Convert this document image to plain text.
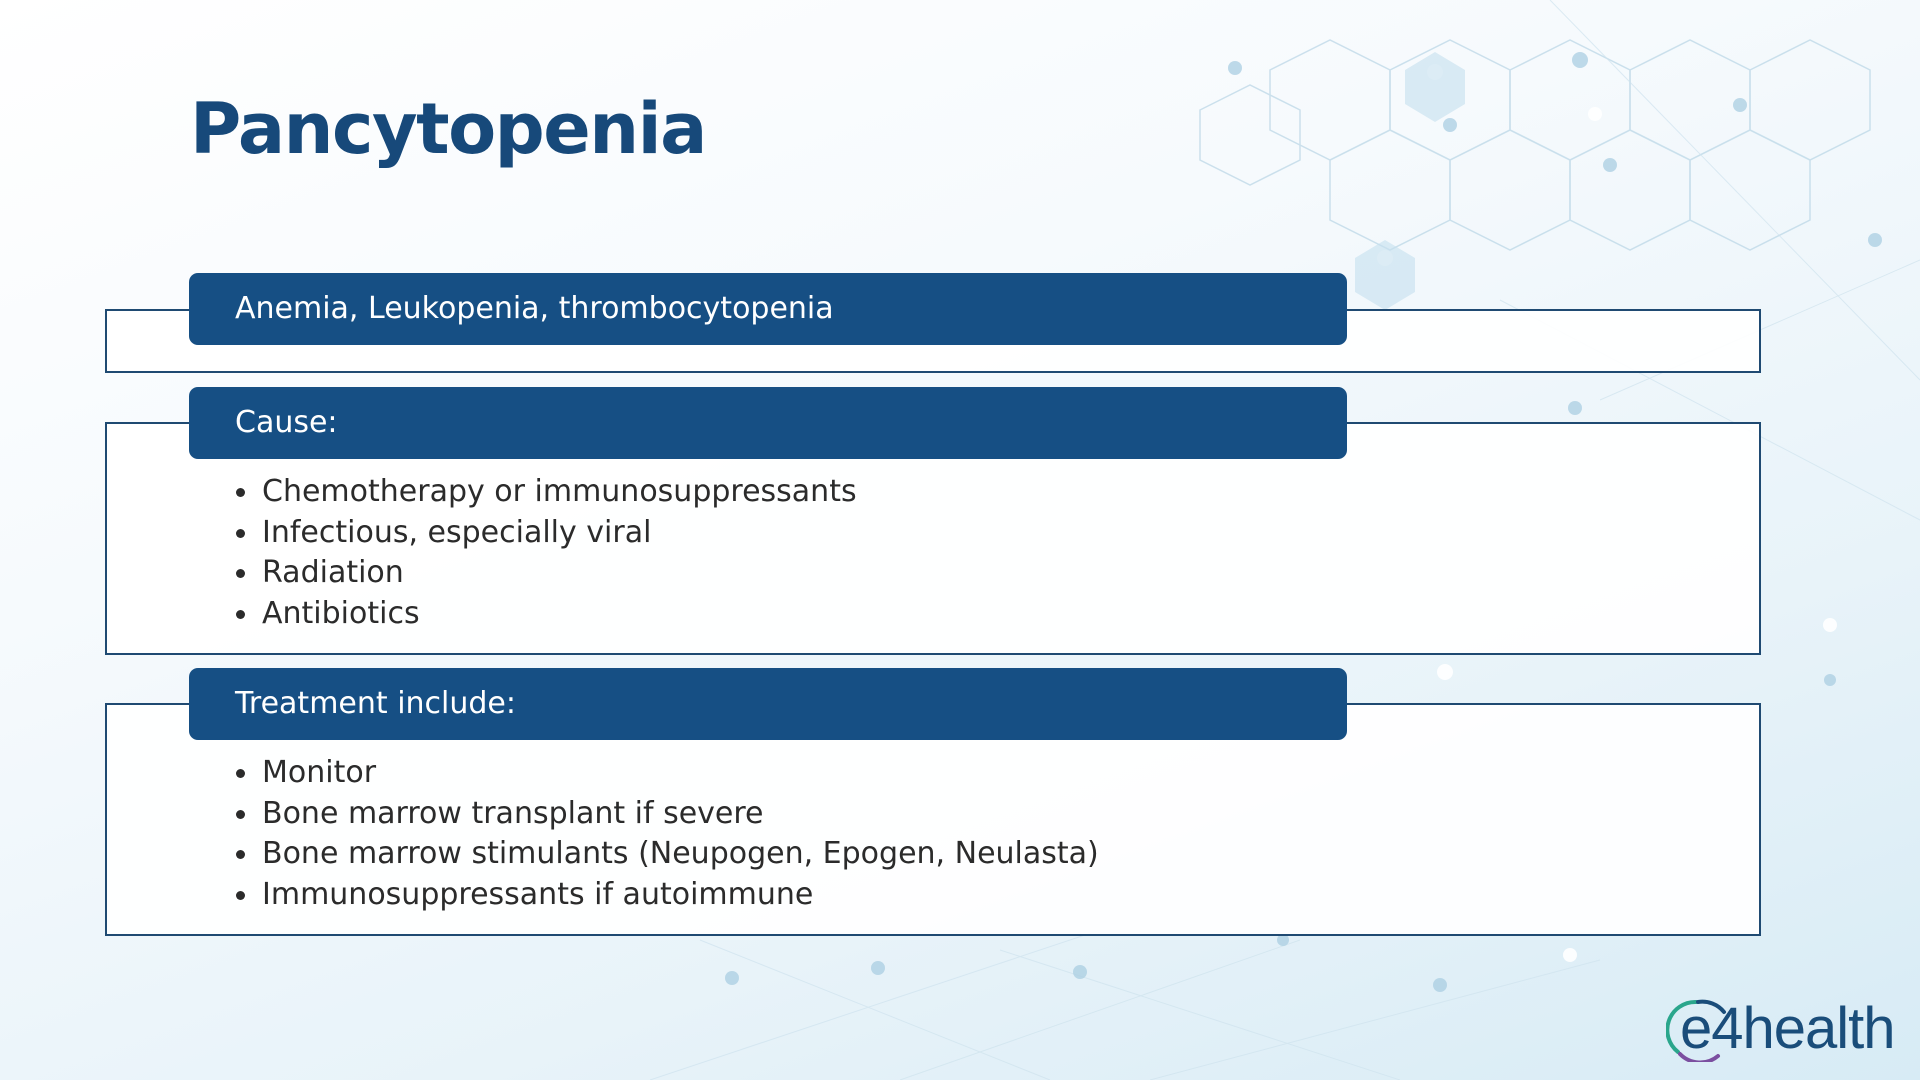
Pancytopenia
Anemia, Leukopenia, thrombocytopenia
Cause:
Chemotherapy or immunosuppressants
Infectious, especially viral
Radiation
Antibiotics
Treatment include:
Monitor
Bone marrow transplant if severe
Bone marrow stimulants (Neupogen, Epogen, Neulasta)
Immunosuppressants if autoimmune
e4health
